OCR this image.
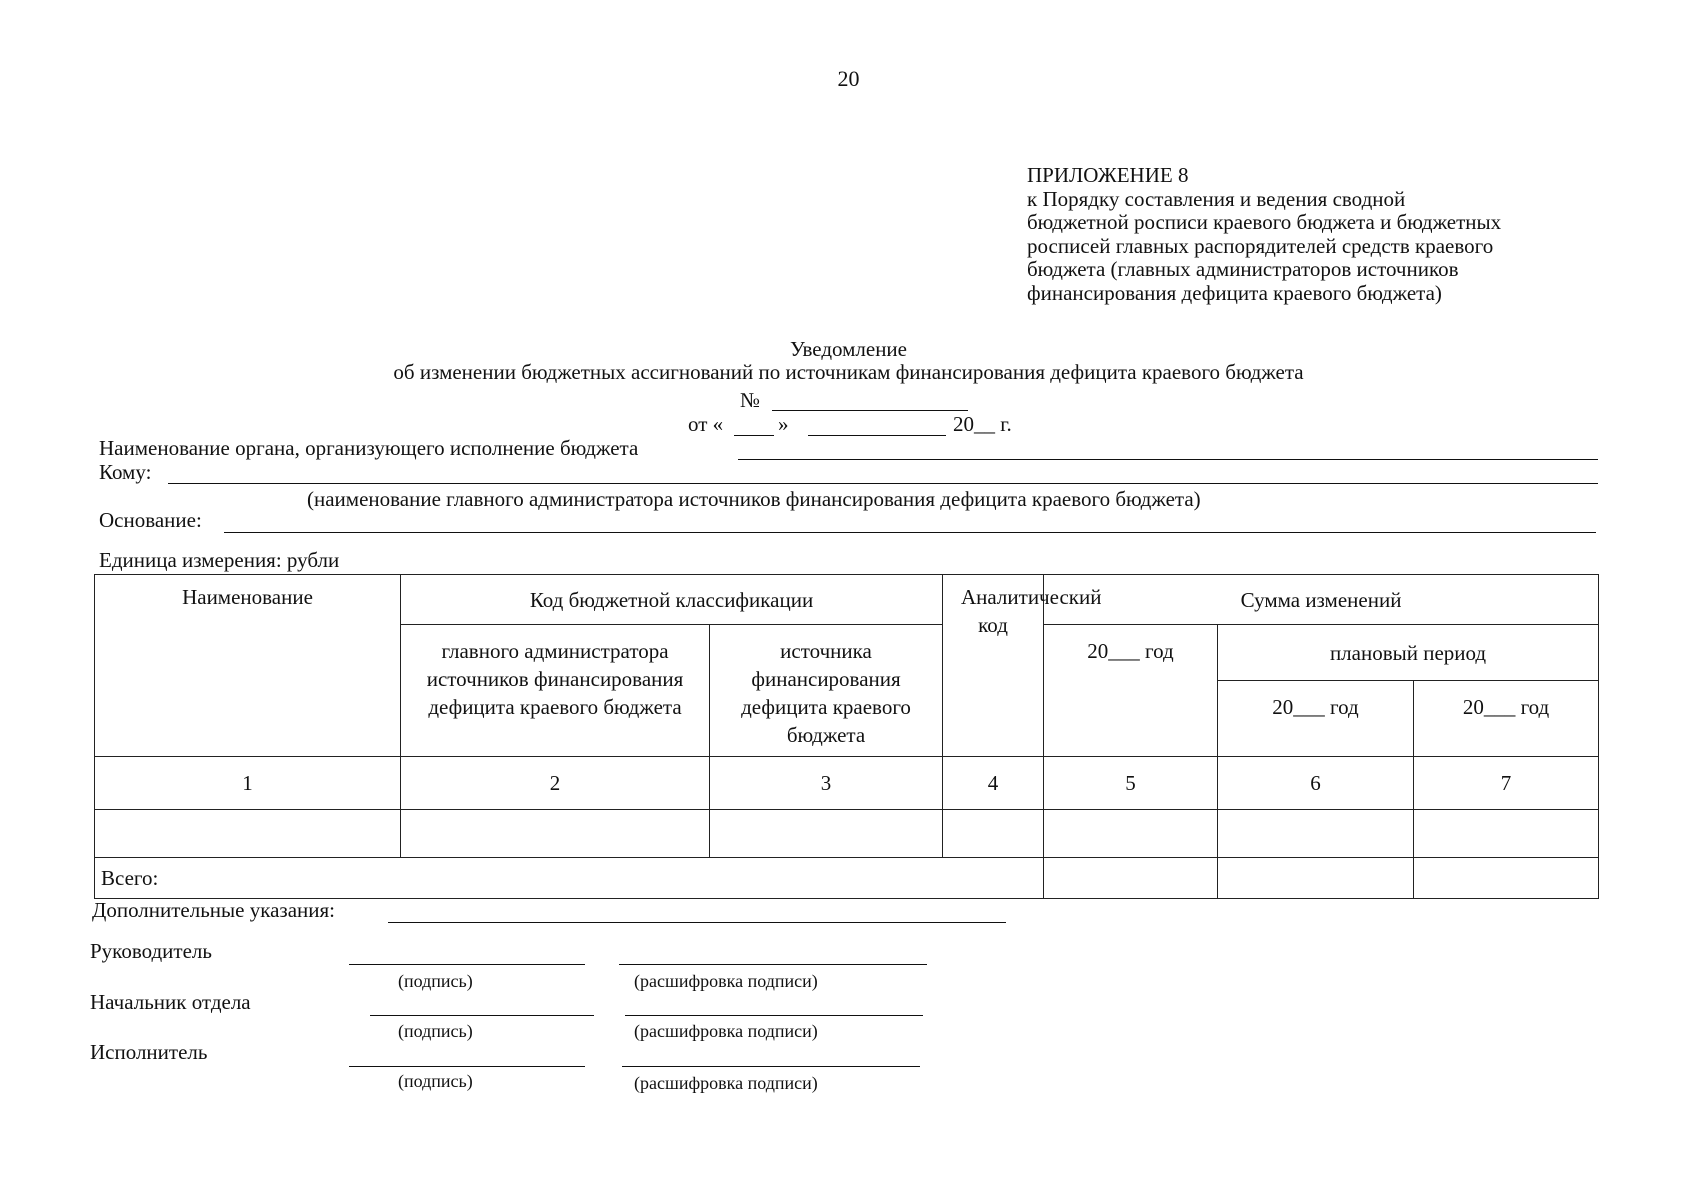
20
ПРИЛОЖЕНИЕ 8
к Порядку составления и ведения сводной
бюджетной росписи краевого бюджета и бюджетных
росписей главных распорядителей средств краевого
бюджета (главных администраторов источников
финансирования дефицита краевого бюджета)
Уведомление
об изменении бюджетных ассигнований по источникам финансирования дефицита краевого бюджета
№
от «	»	20__ г.
Наименование органа, организующего исполнение бюджета
Кому:
(наименование главного администратора источников финансирования дефицита краевого бюджета)
Основание:
Единица измерения: рубли
Наименование	Код бюджетной классификации		Аналитический код	Сумма изменений		
	главного администратора источников финансирования дефицита краевого бюджета	источника финансирования дефицита краевого бюджета		20___ год	плановый период	
					20___ год	20___ год
1	2	3	4	5	6	7

Всего:						
Дополнительные указания:
Руководитель
(подпись)	(расшифровка подписи)
Начальник отдела
(подпись)	(расшифровка подписи)
Исполнитель
(подпись)	(расшифровка подписи)
